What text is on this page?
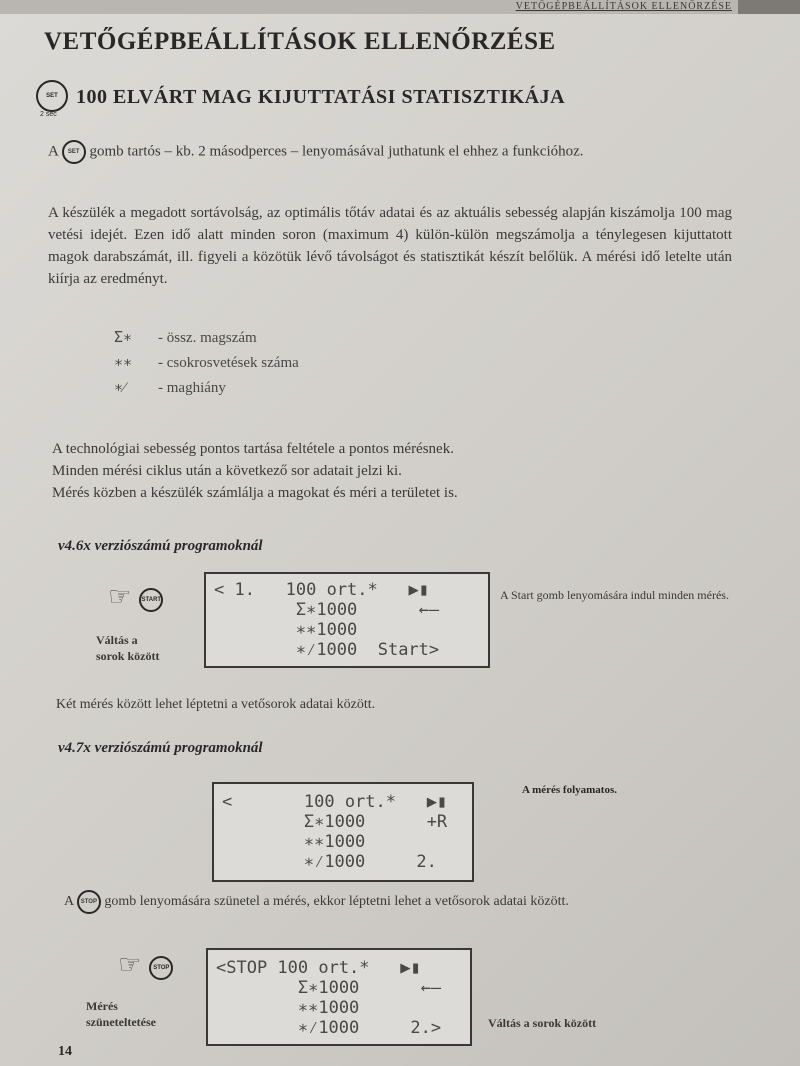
VETŐGÉPBEÁLLÍTÁSOK ELLENŐRZÉSE
VETŐGÉPBEÁLLÍTÁSOK ELLENŐRZÉSE
SET
2 sec
100 ELVÁRT MAG KIJUTTATÁSI STATISZTIKÁJA
A SET gomb tartós – kb. 2 másodperces – lenyomásával juthatunk el ehhez a funkcióhoz.
A készülék a megadott sortávolság, az optimális tőtáv adatai és az aktuális sebesség alapján kiszámolja 100 mag vetési idejét. Ezen idő alatt minden soron (maximum 4) külön-külön megszámolja a ténylegesen kijuttatott magok darabszámát, ill. figyeli a közötük lévő távolságot és statisztikát készít belőlük. A mérési idő letelte után kiírja az eredményt.
Σ∗ - össz. magszám
∗∗ - csokrosvetések száma
∗⁄ - maghiány
A technológiai sebesség pontos tartása feltétele a pontos mérésnek.
Minden mérési ciklus után a következő sor adatait jelzi ki.
Mérés közben a készülék számlálja a magokat és méri a területet is.
v4.6x verziószámú programoknál
☞ START
Váltás a
sorok között
< 1.   100 ort.*   ▶▮
Σ∗1000      ←—
∗∗1000
∗⁄1000  Start>
A Start gomb lenyomására indul minden mérés.
Két mérés között lehet léptetni a vetősorok adatai között.
v4.7x verziószámú programoknál
<       100 ort.*   ▶▮
Σ∗1000      +R
∗∗1000
∗⁄1000     2.
A mérés folyamatos.
A STOP gomb lenyomására szünetel a mérés, ekkor léptetni lehet a vetősorok adatai között.
☞ STOP
Mérés
szüneteltetése
<STOP 100 ort.*   ▶▮
Σ∗1000      ←—
∗∗1000
∗⁄1000     2.>	Váltás a sorok között
14
